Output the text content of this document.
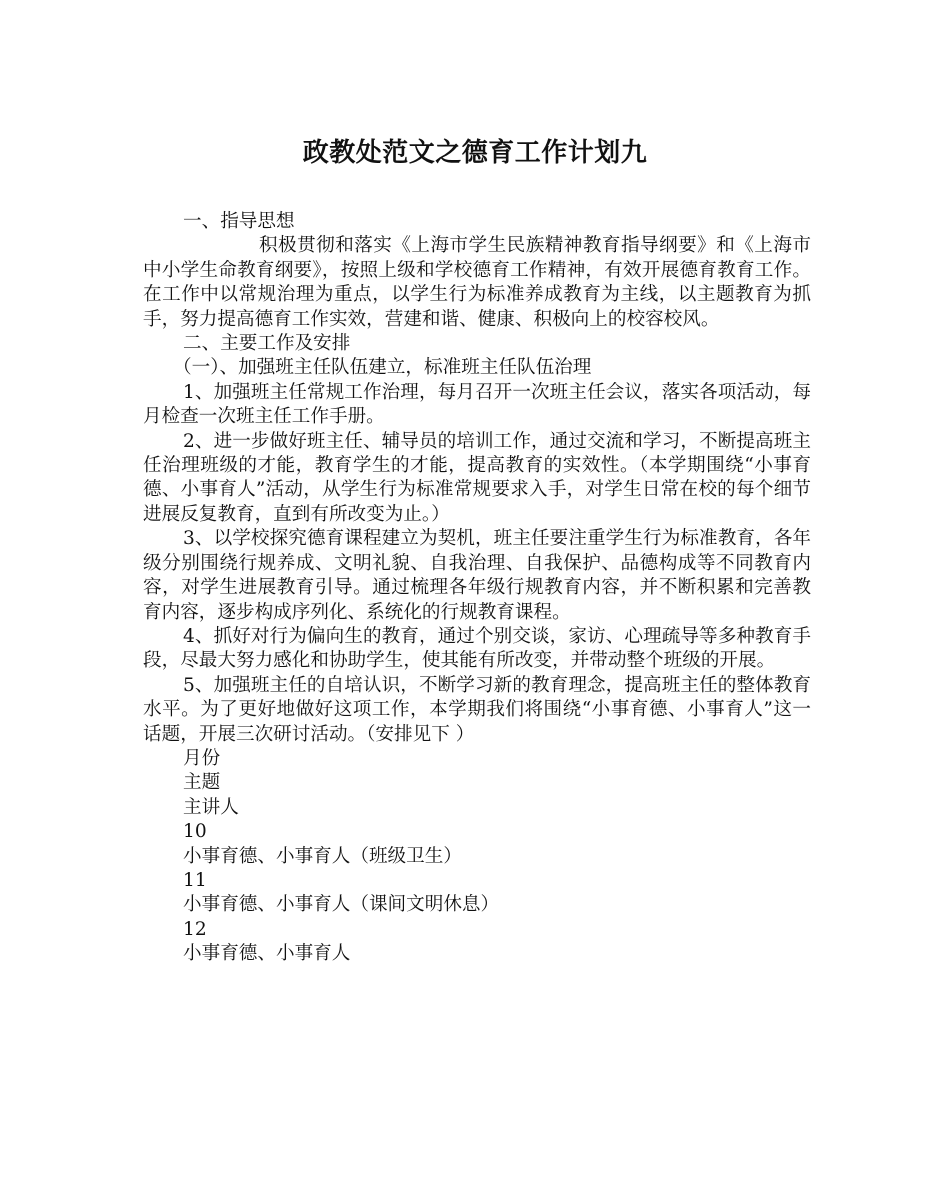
政教处范文之德育工作计划九

一、指导思想

积极贯彻和落实《上海市学生民族精神教育指导纲要》和《上海市中小学生命教育纲要》，按照上级和学校德育工作精神，有效开展德育教育工作。在工作中以常规治理为重点，以学生行为标准养成教育为主线，以主题教育为抓手，努力提高德育工作实效，营建和谐、健康、积极向上的校容校风。

二、主要工作及安排

（一）、加强班主任队伍建立，标准班主任队伍治理

1、加强班主任常规工作治理，每月召开一次班主任会议，落实各项活动，每月检查一次班主任工作手册。

2、进一步做好班主任、辅导员的培训工作，通过交流和学习，不断提高班主任治理班级的才能，教育学生的才能，提高教育的实效性。（本学期围绕“小事育德、小事育人”活动，从学生行为标准常规要求入手，对学生日常在校的每个细节进展反复教育，直到有所改变为止。）

3、以学校探究德育课程建立为契机，班主任要注重学生行为标准教育，各年级分别围绕行规养成、文明礼貌、自我治理、自我保护、品德构成等不同教育内容，对学生进展教育引导。通过梳理各年级行规教育内容，并不断积累和完善教育内容，逐步构成序列化、系统化的行规教育课程。

4、抓好对行为偏向生的教育，通过个别交谈，家访、心理疏导等多种教育手段，尽最大努力感化和协助学生，使其能有所改变，并带动整个班级的开展。

5、加强班主任的自培认识，不断学习新的教育理念，提高班主任的整体教育水平。为了更好地做好这项工作，本学期我们将围绕“小事育德、小事育人”这一话题，开展三次研讨活动。（安排见下 ）

月份

主题

主讲人

10

小事育德、小事育人（班级卫生）

11

小事育德、小事育人（课间文明休息）

12

小事育德、小事育人
